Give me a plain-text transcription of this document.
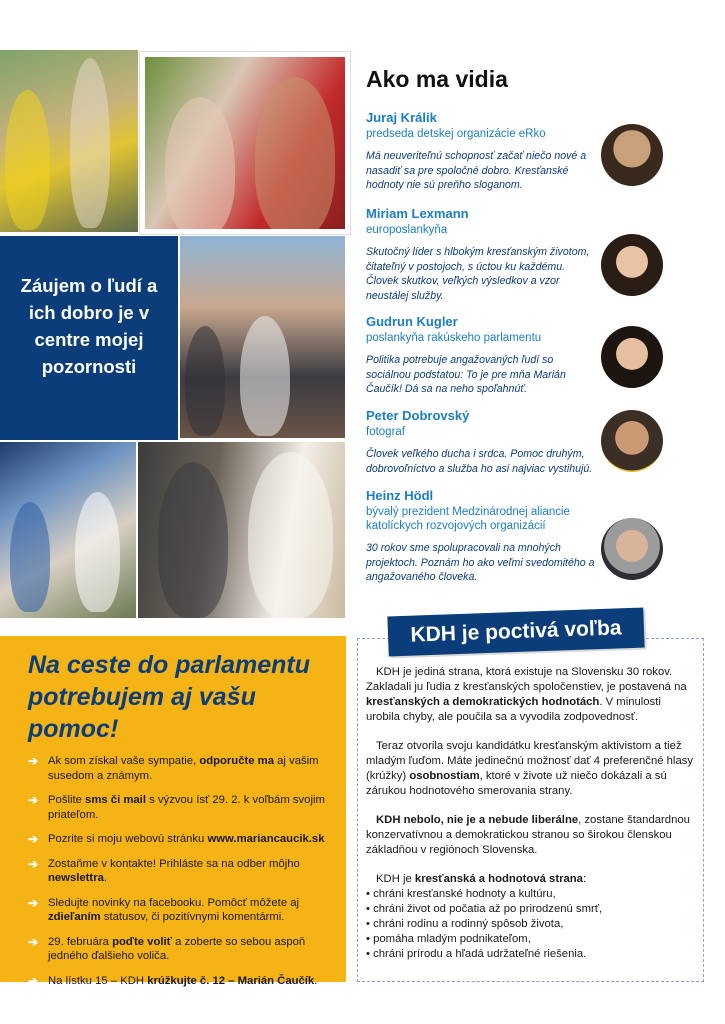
Záujem o ľudí a ich dobro je v centre mojej pozornosti
Ako ma vidia
Juraj Králik
predseda detskej organizácie eRko
Má neuveriteľnú schopnosť začať niečo nové a nasadiť sa pre spoločné dobro. Kresťanské hodnoty nie sú preňho sloganom.
Miriam Lexmann
europoslankyňa
Skutočný líder s hlbokým kresťanským životom, čitateľný v postojoch, s úctou ku každému. Človek skutkov, veľkých výsledkov a vzor neustálej služby.
Gudrun Kugler
poslankyňa rakúskeho parlamentu
Politika potrebuje angažovaných ľudí so sociálnou podstatou: To je pre mňa Marián Čaučík! Dá sa na neho spoľahnúť.
Peter Dobrovský
fotograf
Človek veľkého ducha i srdca. Pomoc druhým, dobrovoľníctvo a služba ho asi najviac vystihujú.
Heinz Hödl
bývalý prezident Medzinárodnej aliancie katolíckych rozvojových organizácií
30 rokov sme spolupracovali na mnohých projektoch. Poznám ho ako veľmi svedomitého a angažovaného človeka.
Na ceste do parlamentu potrebujem aj vašu pomoc!
➔ Ak som získal vaše sympatie, odporučte ma aj vašim susedom a známym.
➔ Pošlite sms či mail s výzvou ísť 29. 2. k voľbám svojim priateľom.
➔ Pozrite si moju webovú stránku www.mariancaucik.sk
➔ Zostaňme v kontakte! Prihláste sa na odber môjho newslettra.
➔ Sledujte novinky na facebooku. Pomôcť môžete aj zdieľaním statusov, či pozitívnymi komentármi.
➔ 29. februára poďte voliť a zoberte so sebou aspoň jedného ďalšieho voliča.
➔ Na lístku 15 – KDH krúžkujte č. 12 – Marián Čaučík.
KDH je poctivá voľba

KDH je jediná strana, ktorá existuje na Slovensku 30 rokov. Zakladali ju ľudia z kresťanských spoločenstiev, je postavená na kresťanských a demokratických hodnotách. V minulosti urobila chyby, ale poučila sa a vyvodila zodpovednosť.

Teraz otvorila svoju kandidátku kresťanským aktivistom a tiež mladým ľuďom. Máte jedinečnú možnosť dať 4 preferenčné hlasy (krúžky) osobnostiam, ktoré v živote už niečo dokázali a sú zárukou hodnotového smerovania strany.

KDH nebolo, nie je a nebude liberálne, zostane štandardnou konzervatívnou a demokratickou stranou so širokou členskou základňou v regiónoch Slovenska.

KDH je kresťanská a hodnotová strana:

• chráni kresťanské hodnoty a kultúru,

• chráni život od počatia až po prirodzenú smrť,

• chráni rodinu a rodinný spôsob života,

• pomáha mladým podnikateľom,

• chráni prírodu a hľadá udržateľné riešenia.
